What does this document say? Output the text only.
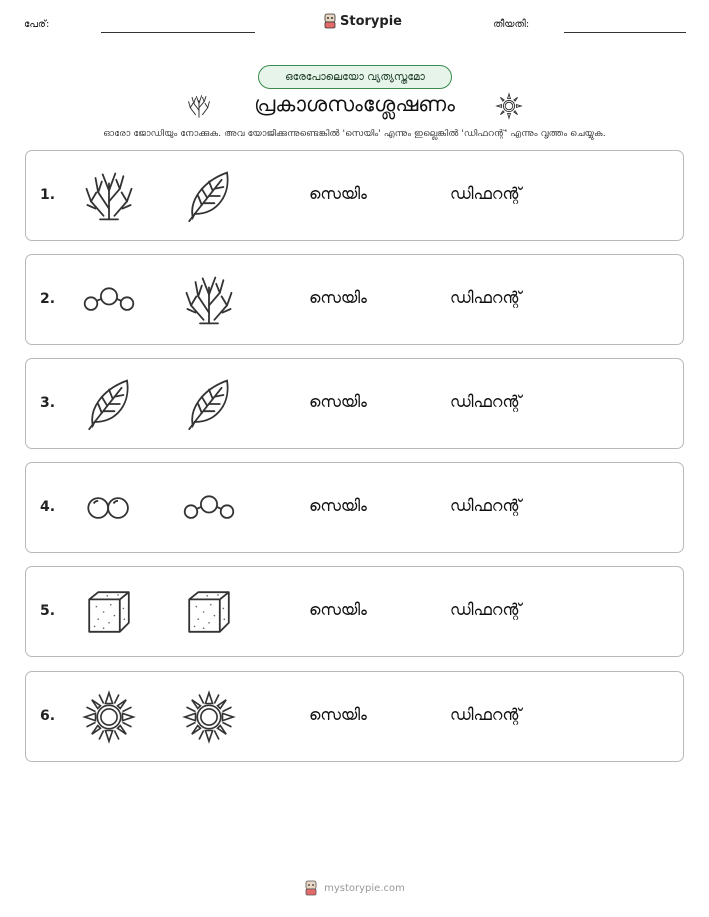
പേര്:	Storypie	തീയതി:
ഒരേപോലെയോ വ്യത്യസ്തമോ
പ്രകാശസംശ്ലേഷണം
ഓരോ ജോഡിയും നോക്കുക. അവ യോജിക്കുന്നുണ്ടെങ്കിൽ 'സെയിം' എന്നും ഇല്ലെങ്കിൽ 'ഡിഫറന്റ്' എന്നും വൃത്തം ചെയ്യുക.
1.	സെയിം	ഡിഫറന്റ്
2.	സെയിം	ഡിഫറന്റ്
3.	സെയിം	ഡിഫറന്റ്
4.	സെയിം	ഡിഫറന്റ്
5.	സെയിം	ഡിഫറന്റ്
6.	സെയിം	ഡിഫറന്റ്
mystorypie.com
